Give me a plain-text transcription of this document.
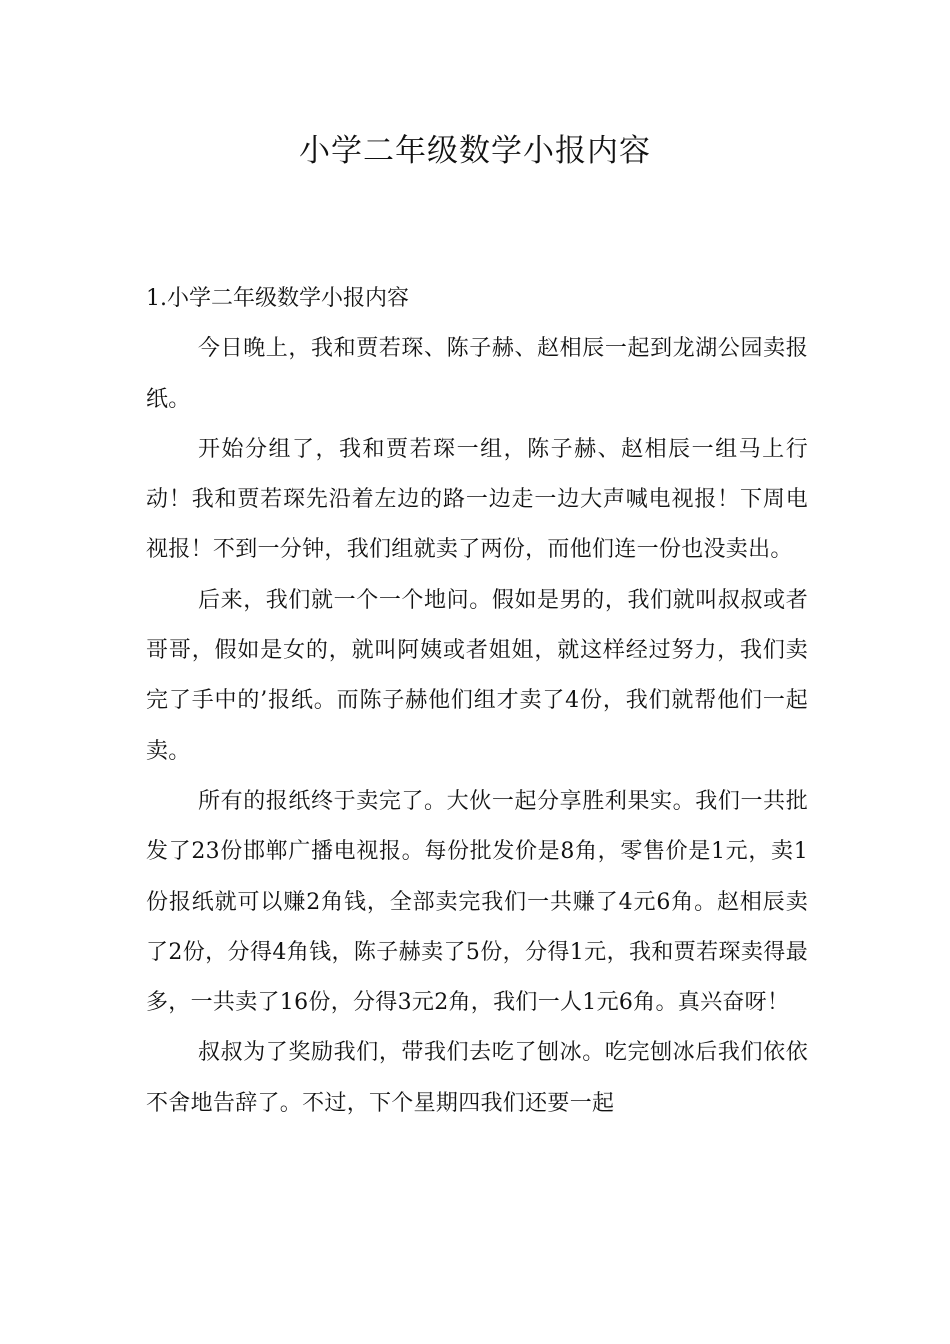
小学二年级数学小报内容

1.小学二年级数学小报内容

今日晚上，我和贾若琛、陈子赫、赵相辰一起到龙湖公园卖报纸。

开始分组了，我和贾若琛一组，陈子赫、赵相辰一组马上行动！我和贾若琛先沿着左边的路一边走一边大声喊电视报！下周电视报！不到一分钟，我们组就卖了两份，而他们连一份也没卖出。

后来，我们就一个一个地问。假如是男的，我们就叫叔叔或者哥哥，假如是女的，就叫阿姨或者姐姐，就这样经过努力，我们卖完了手中的’报纸。而陈子赫他们组才卖了4份，我们就帮他们一起卖。

所有的报纸终于卖完了。大伙一起分享胜利果实。我们一共批发了23份邯郸广播电视报。每份批发价是8角，零售价是1元，卖1份报纸就可以赚2角钱，全部卖完我们一共赚了4元6角。赵相辰卖了2份，分得4角钱，陈子赫卖了5份，分得1元，我和贾若琛卖得最多，一共卖了16份，分得3元2角，我们一人1元6角。真兴奋呀！

叔叔为了奖励我们，带我们去吃了刨冰。吃完刨冰后我们依依不舍地告辞了。不过，下个星期四我们还要一起
